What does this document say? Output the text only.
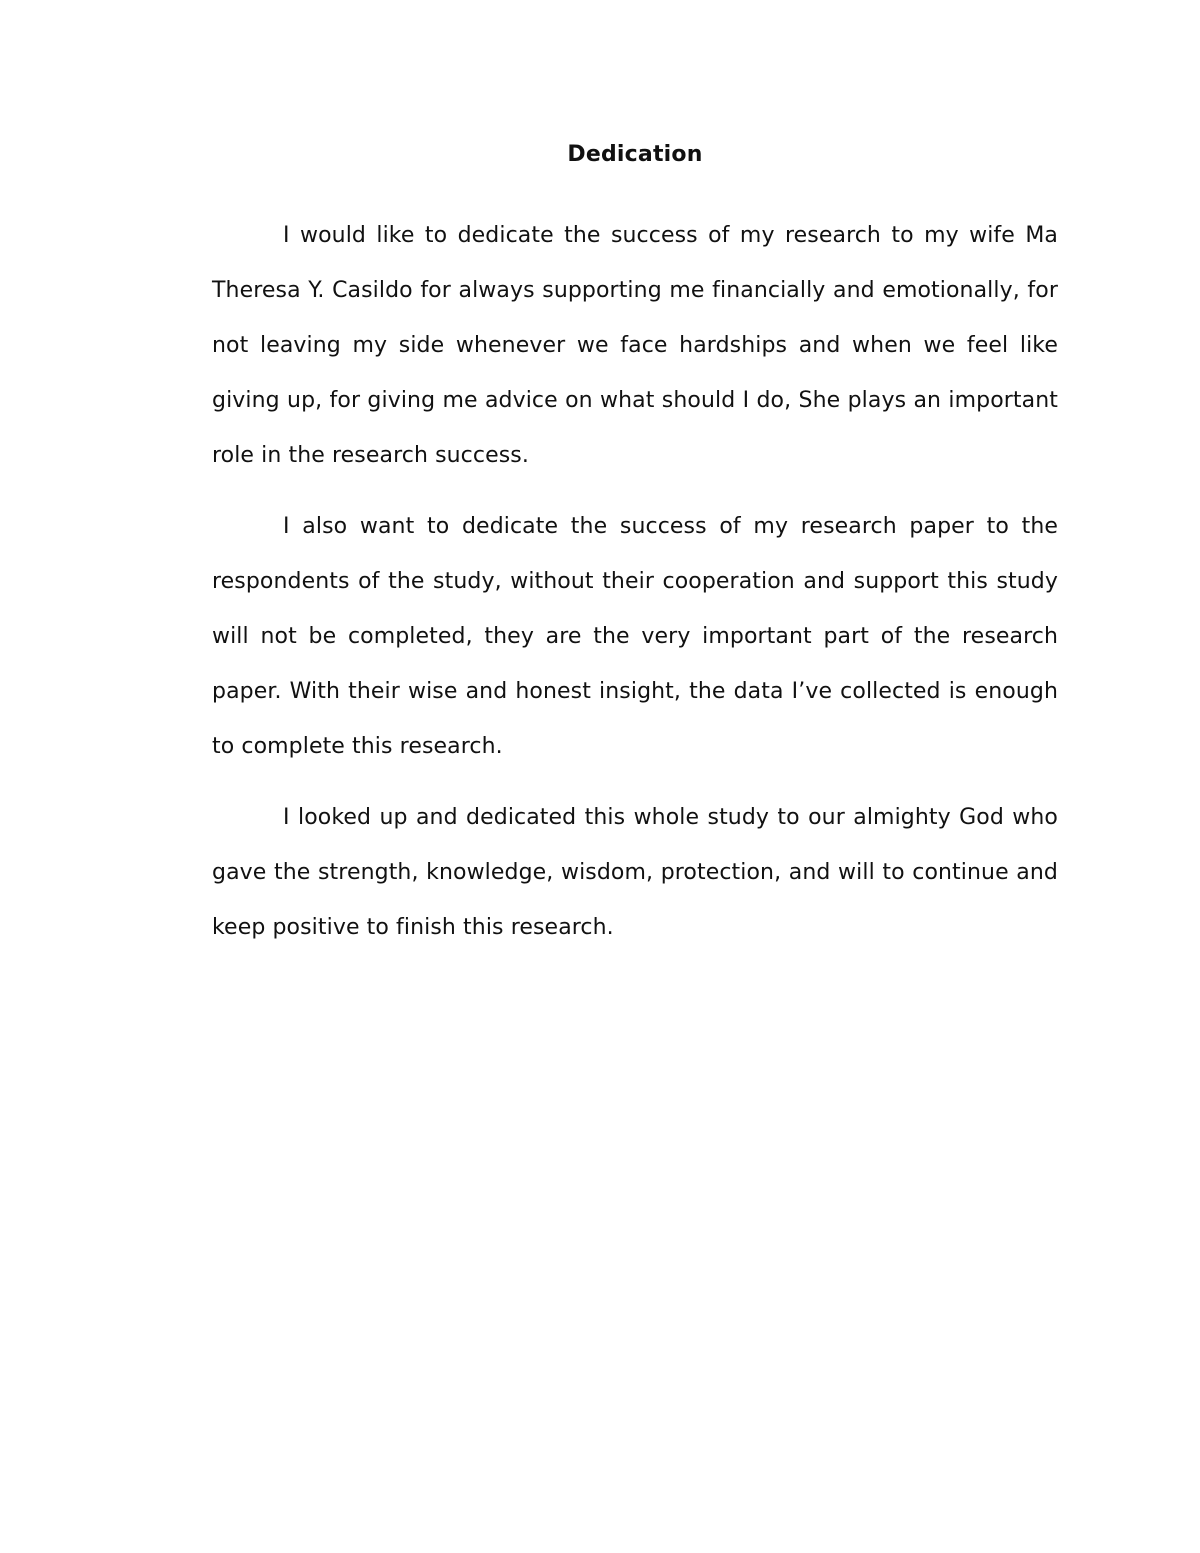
Dedication

I would like to dedicate the success of my research to my wife Ma Theresa Y. Casildo for always supporting me financially and emotionally, for not leaving my side whenever we face hardships and when we feel like giving up, for giving me advice on what should I do, She plays an important role in the research success.

I also want to dedicate the success of my research paper to the respondents of the study, without their cooperation and support this study will not be completed, they are the very important part of the research paper. With their wise and honest insight, the data I’ve collected is enough to complete this research.

I looked up and dedicated this whole study to our almighty God who gave the strength, knowledge, wisdom, protection, and will to continue and keep positive to finish this research.
